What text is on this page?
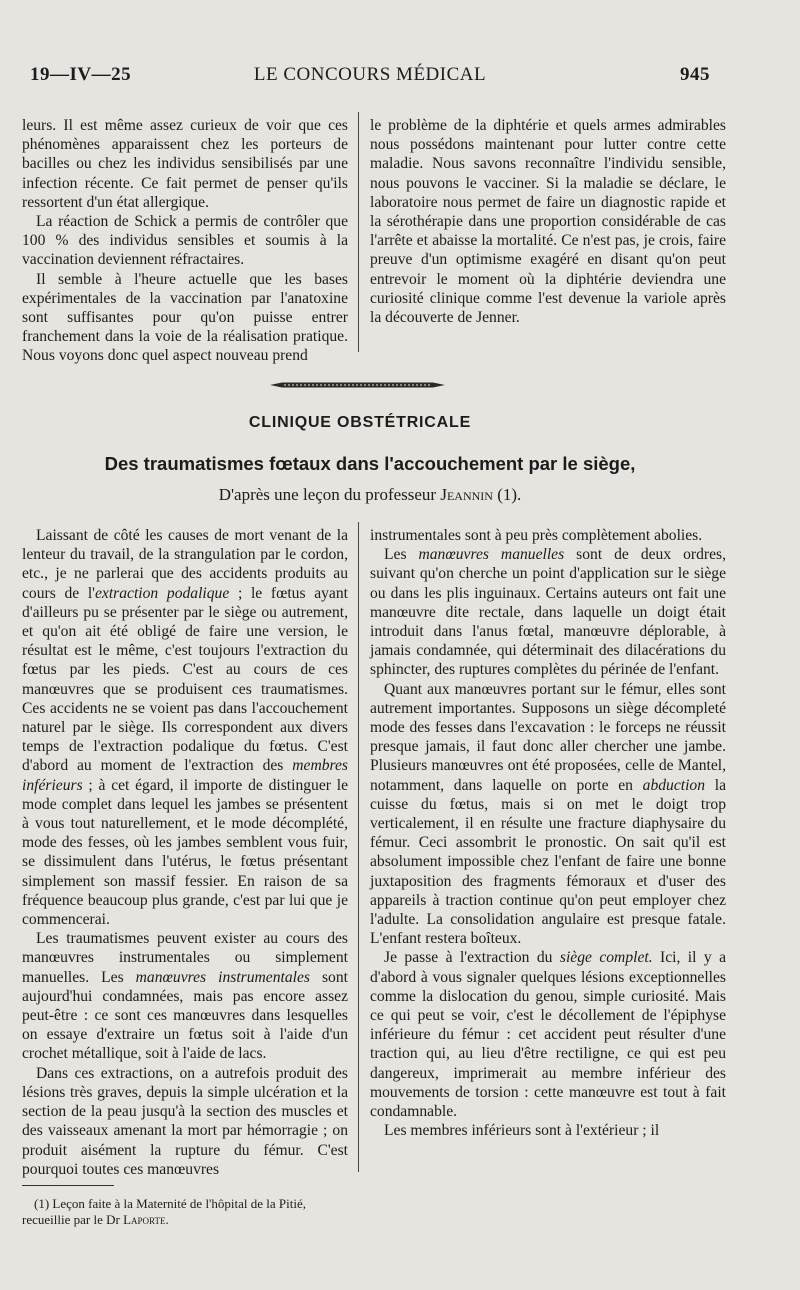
19—IV—25	LE CONCOURS MÉDICAL	945

leurs. Il est même assez curieux de voir que ces phénomènes apparaissent chez les porteurs de bacilles ou chez les individus sensibilisés par une infection récente. Ce fait permet de penser qu'ils ressortent d'un état allergique.

La réaction de Schick a permis de contrôler que 100 % des individus sensibles et soumis à la vaccination deviennent réfractaires.

Il semble à l'heure actuelle que les bases expérimentales de la vaccination par l'anatoxine sont suffisantes pour qu'on puisse entrer franchement dans la voie de la réalisation pratique. Nous voyons donc quel aspect nouveau prend

le problème de la diphtérie et quels armes admirables nous possédons maintenant pour lutter contre cette maladie. Nous savons reconnaître l'individu sensible, nous pouvons le vacciner. Si la maladie se déclare, le laboratoire nous permet de faire un diagnostic rapide et la sérothérapie dans une proportion considérable de cas l'arrête et abaisse la mortalité. Ce n'est pas, je crois, faire preuve d'un optimisme exagéré en disant qu'on peut entrevoir le moment où la diphtérie deviendra une curiosité clinique comme l'est devenue la variole après la découverte de Jenner.

CLINIQUE OBSTÉTRICALE
Des traumatismes fœtaux dans l'accouchement par le siège,
D'après une leçon du professeur Jeannin (1).

Laissant de côté les causes de mort venant de la lenteur du travail, de la strangulation par le cordon, etc., je ne parlerai que des accidents produits au cours de l'extraction podalique ; le fœtus ayant d'ailleurs pu se présenter par le siège ou autrement, et qu'on ait été obligé de faire une version, le résultat est le même, c'est toujours l'extraction du fœtus par les pieds. C'est au cours de ces manœuvres que se produisent ces traumatismes. Ces accidents ne se voient pas dans l'accouchement naturel par le siège. Ils correspondent aux divers temps de l'extraction podalique du fœtus. C'est d'abord au moment de l'extraction des membres inférieurs ; à cet égard, il importe de distinguer le mode complet dans lequel les jambes se présentent à vous tout naturellement, et le mode décomplété, mode des fesses, où les jambes semblent vous fuir, se dissimulent dans l'utérus, le fœtus présentant simplement son massif fessier. En raison de sa fréquence beaucoup plus grande, c'est par lui que je commencerai.

Les traumatismes peuvent exister au cours des manœuvres instrumentales ou simplement manuelles. Les manœuvres instrumentales sont aujourd'hui condamnées, mais pas encore assez peut-être : ce sont ces manœuvres dans lesquelles on essaye d'extraire un fœtus soit à l'aide d'un crochet métallique, soit à l'aide de lacs.

Dans ces extractions, on a autrefois produit des lésions très graves, depuis la simple ulcération et la section de la peau jusqu'à la section des muscles et des vaisseaux amenant la mort par hémorragie ; on produit aisément la rupture du fémur. C'est pourquoi toutes ces manœuvres

instrumentales sont à peu près complètement abolies.

Les manœuvres manuelles sont de deux ordres, suivant qu'on cherche un point d'application sur le siège ou dans les plis inguinaux. Certains auteurs ont fait une manœuvre dite rectale, dans laquelle un doigt était introduit dans l'anus fœtal, manœuvre déplorable, à jamais condamnée, qui déterminait des dilacérations du sphincter, des ruptures complètes du périnée de l'enfant.

Quant aux manœuvres portant sur le fémur, elles sont autrement importantes. Supposons un siège décompleté mode des fesses dans l'excavation : le forceps ne réussit presque jamais, il faut donc aller chercher une jambe. Plusieurs manœuvres ont été proposées, celle de Mantel, notamment, dans laquelle on porte en abduction la cuisse du fœtus, mais si on met le doigt trop verticalement, il en résulte une fracture diaphysaire du fémur. Ceci assombrit le pronostic. On sait qu'il est absolument impossible chez l'enfant de faire une bonne juxtaposition des fragments fémoraux et d'user des appareils à traction continue qu'on peut employer chez l'adulte. La consolidation angulaire est presque fatale. L'enfant restera boîteux.

Je passe à l'extraction du siège complet. Ici, il y a d'abord à vous signaler quelques lésions exceptionnelles comme la dislocation du genou, simple curiosité. Mais ce qui peut se voir, c'est le décollement de l'épiphyse inférieure du fémur : cet accident peut résulter d'une traction qui, au lieu d'être rectiligne, ce qui est peu dangereux, imprimerait au membre inférieur des mouvements de torsion : cette manœuvre est tout à fait condamnable.

Les membres inférieurs sont à l'extérieur ; il

(1) Leçon faite à la Maternité de l'hôpital de la Pitié, recueillie par le Dr Laporte.
